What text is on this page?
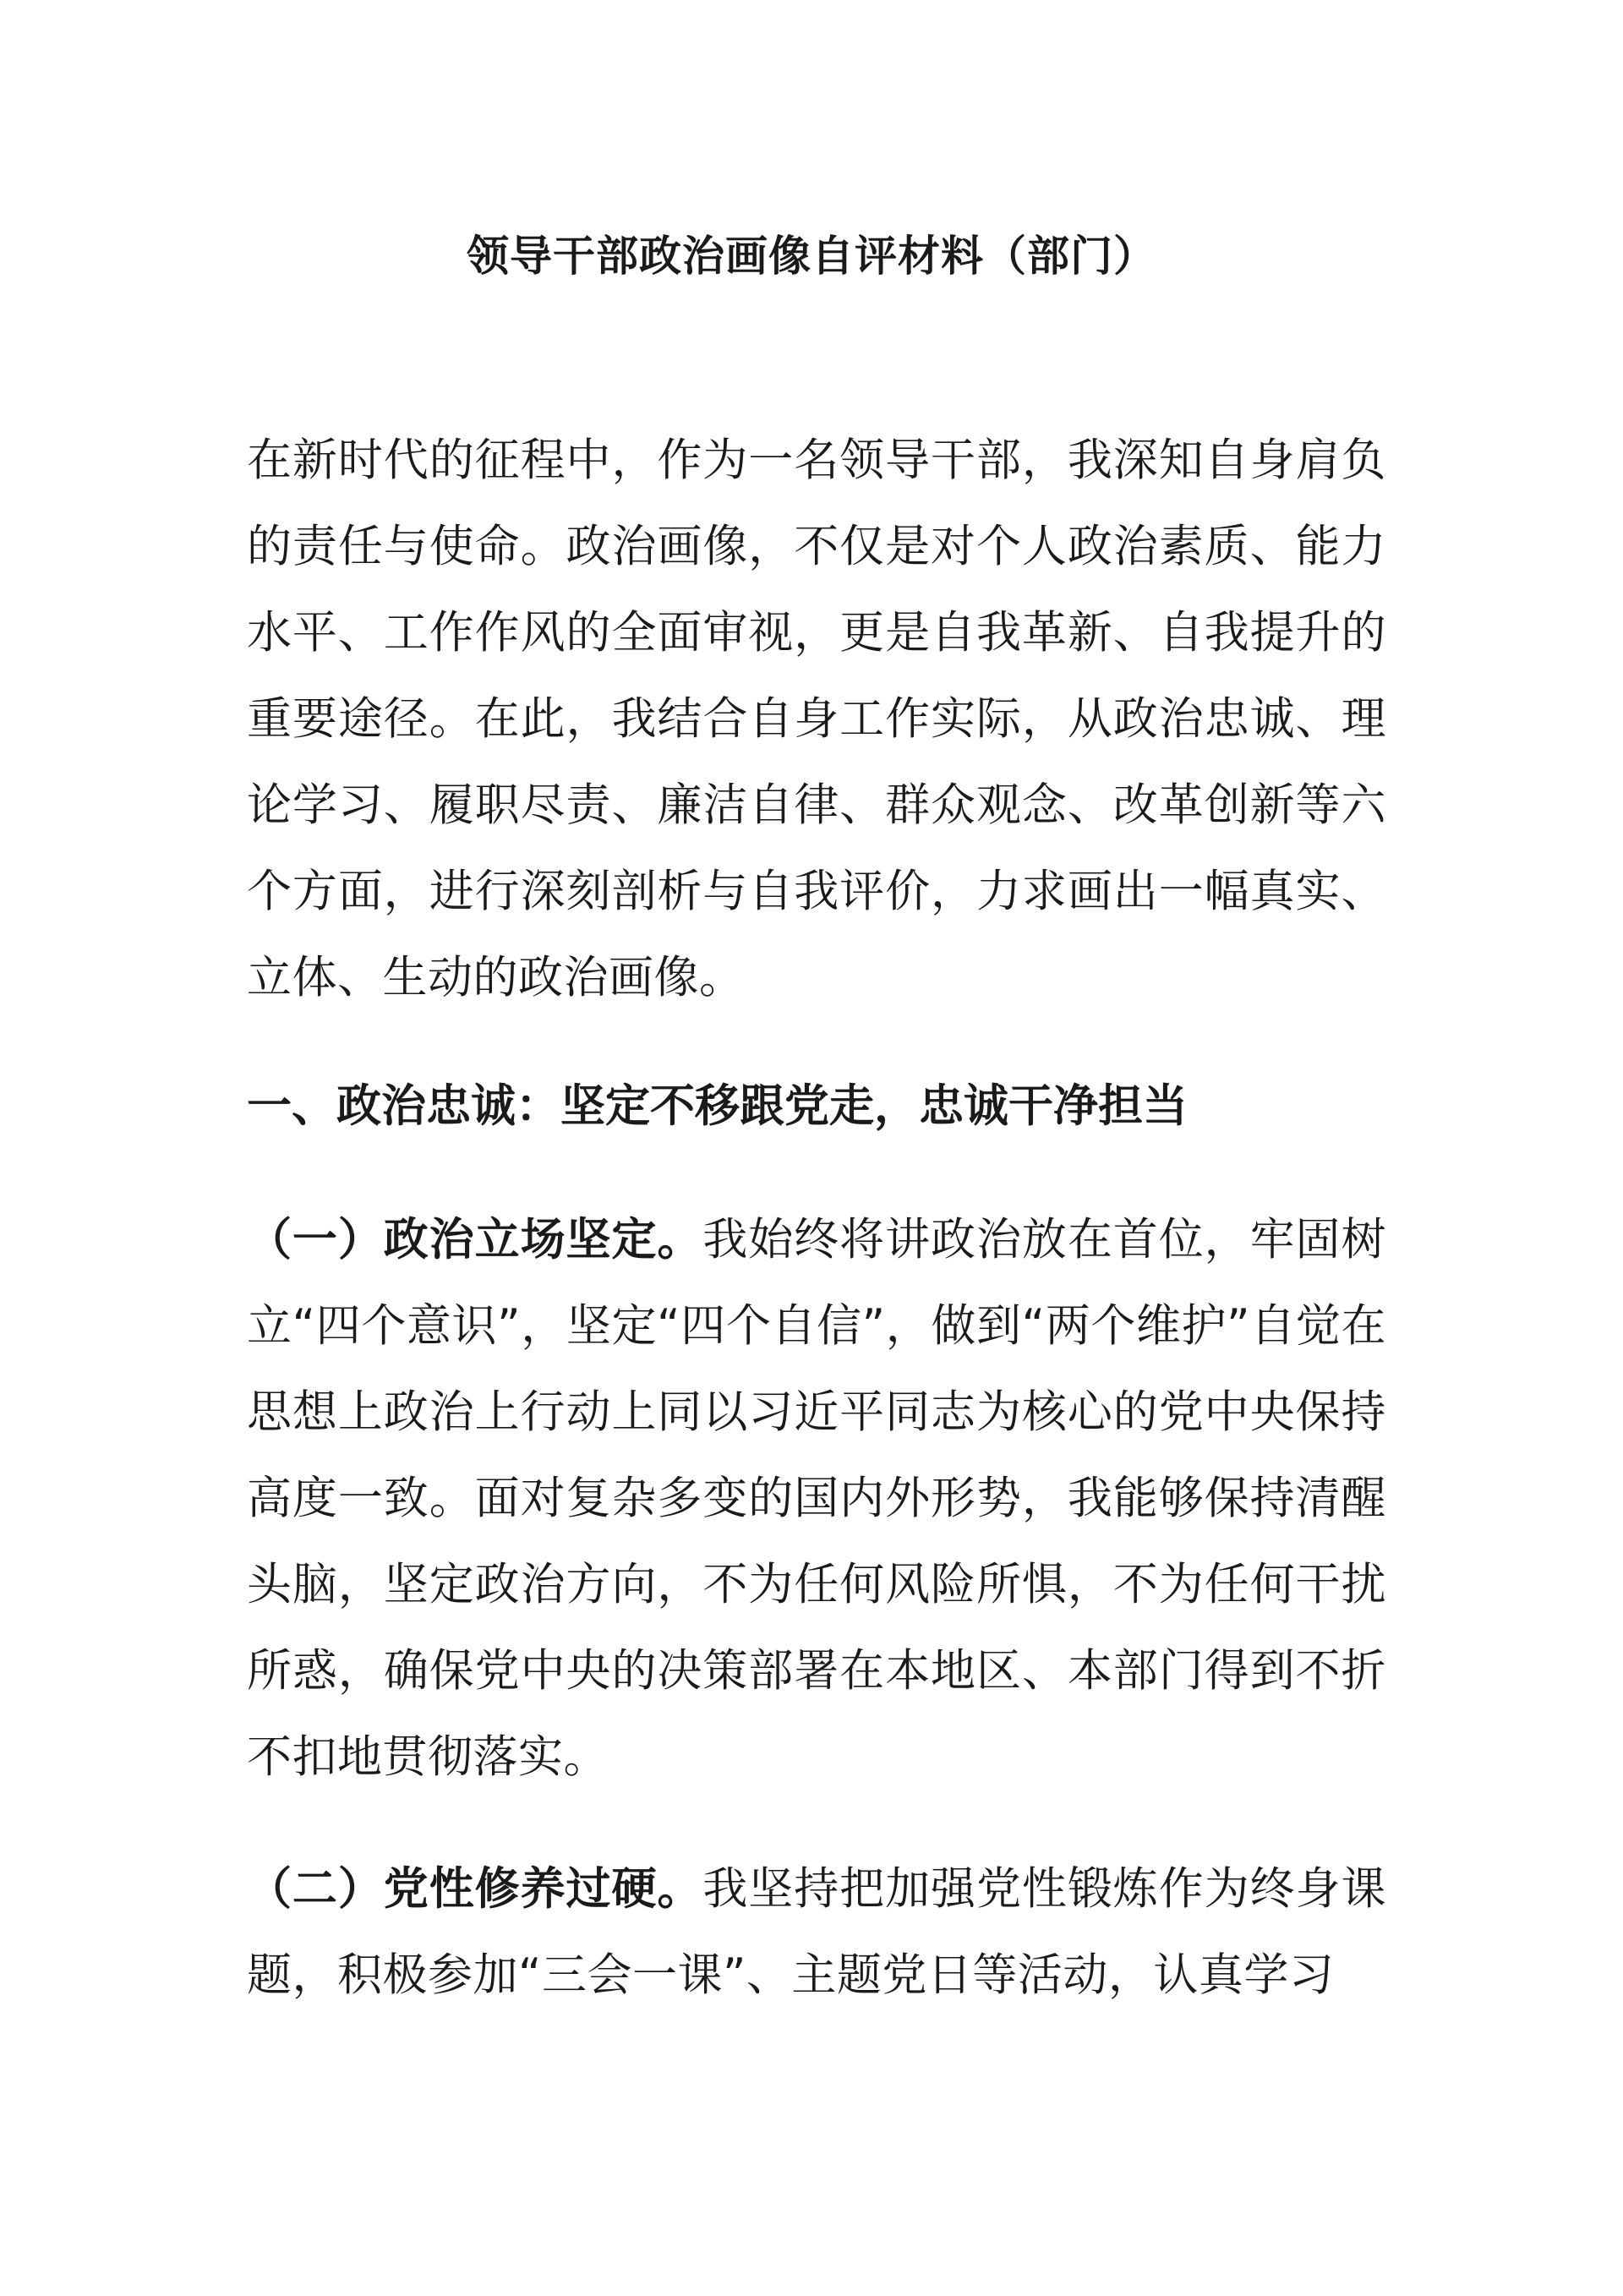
领导干部政治画像自评材料（部门）

在新时代的征程中，作为一名领导干部，我深知自身肩负的责任与使命。政治画像，不仅是对个人政治素质、能力水平、工作作风的全面审视，更是自我革新、自我提升的重要途径。在此，我结合自身工作实际，从政治忠诚、理论学习、履职尽责、廉洁自律、群众观念、改革创新等六个方面，进行深刻剖析与自我评价，力求画出一幅真实、立体、生动的政治画像。

一、政治忠诚：坚定不移跟党走，忠诚干净担当

（一）政治立场坚定。我始终将讲政治放在首位，牢固树立“四个意识”，坚定“四个自信”，做到“两个维护”自觉在思想上政治上行动上同以习近平同志为核心的党中央保持高度一致。面对复杂多变的国内外形势，我能够保持清醒头脑，坚定政治方向，不为任何风险所惧，不为任何干扰所惑，确保党中央的决策部署在本地区、本部门得到不折不扣地贯彻落实。

（二）党性修养过硬。我坚持把加强党性锻炼作为终身课题，积极参加“三会一课”、主题党日等活动，认真学习
